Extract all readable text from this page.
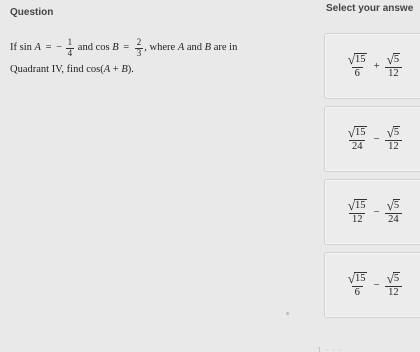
Question	Select your answe
If sin A = − $\frac{1}{4}$ and $\cos B = \frac{2}{3}$ , where A and B are in
Quadrant IV, find cos(A + B).	$\frac{√ 15}{6} + \frac{√ 5}{12}$
$\frac{√ 15}{24} - \frac{√ 5}{12}$
$\frac{√ 15}{12} - \frac{√ 5}{24}$
$\frac{√ 15}{6} - \frac{√ 5}{12}$
1 ⋅ ⋅ ⋅
